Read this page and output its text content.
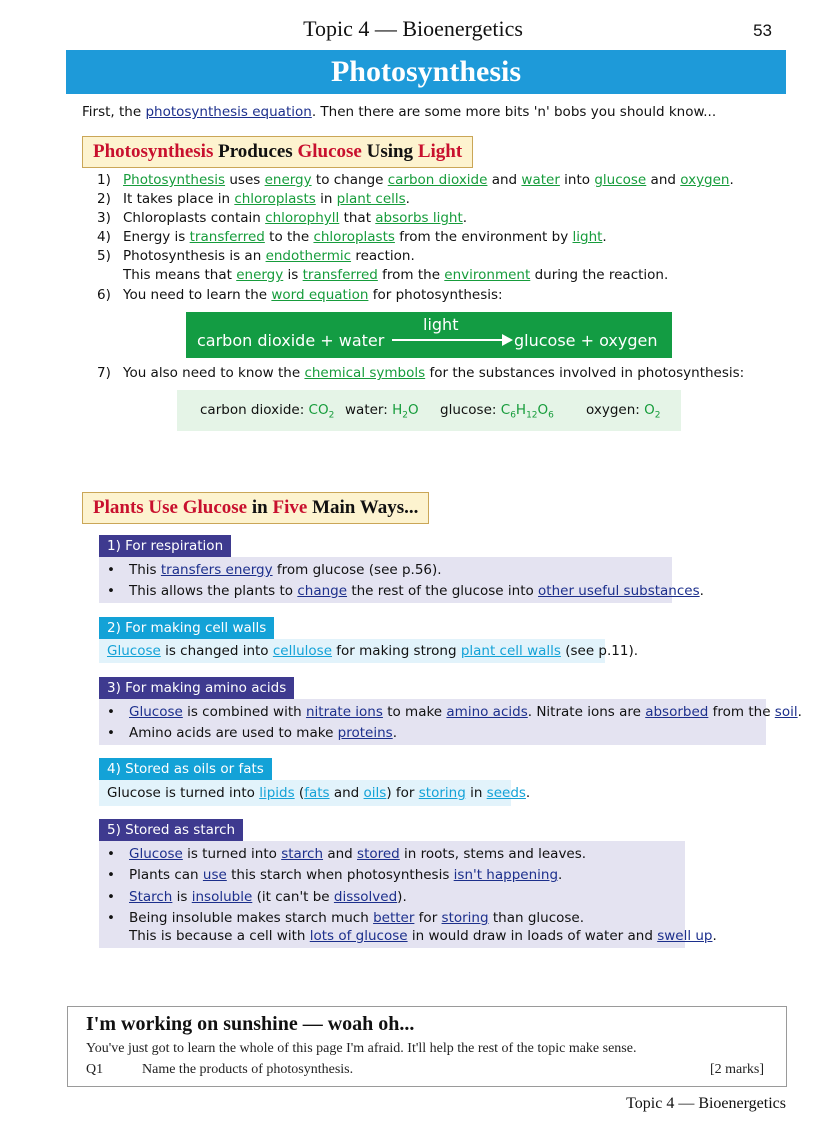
Topic 4 — Bioenergetics	53
Photosynthesis
First, the photosynthesis equation. Then there are some more bits 'n' bobs you should know...
Photosynthesis Produces Glucose Using Light
1) Photosynthesis uses energy to change carbon dioxide and water into glucose and oxygen.
2) It takes place in chloroplasts in plant cells.
3) Chloroplasts contain chlorophyll that absorbs light.
4) Energy is transferred to the chloroplasts from the environment by light.
5) Photosynthesis is an endothermic reaction.
This means that energy is transferred from the environment during the reaction.
6) You need to learn the word equation for photosynthesis:
7) You also need to know the chemical symbols for the substances involved in photosynthesis:
carbon dioxide + water
light
glucose + oxygen
carbon dioxide: $CO_2$ water: $H_2O$ glucose: $C_6H_{12}O_6$ oxygen: $O_2$
Plants Use Glucose in Five Main Ways...
1) For respiration
• This transfers energy from glucose (see p.56).
• This allows the plants to change the rest of the glucose into other useful substances.
2) For making cell walls
Glucose is changed into cellulose for making strong plant cell walls (see p.11).
3) For making amino acids
• Glucose is combined with nitrate ions to make amino acids. Nitrate ions are absorbed from the soil.
• Amino acids are used to make proteins.
4) Stored as oils or fats
Glucose is turned into lipids (fats and oils) for storing in seeds.
5) Stored as starch
• Glucose is turned into starch and stored in roots, stems and leaves.
• Plants can use this starch when photosynthesis isn't happening.
• Starch is insoluble (it can't be dissolved).
• Being insoluble makes starch much better for storing than glucose.
This is because a cell with lots of glucose in would draw in loads of water and swell up.
I'm working on sunshine — woah oh...
You've just got to learn the whole of this page I'm afraid. It'll help the rest of the topic make sense.
Q1	Name the products of photosynthesis.	[2 marks]
Topic 4 — Bioenergetics
